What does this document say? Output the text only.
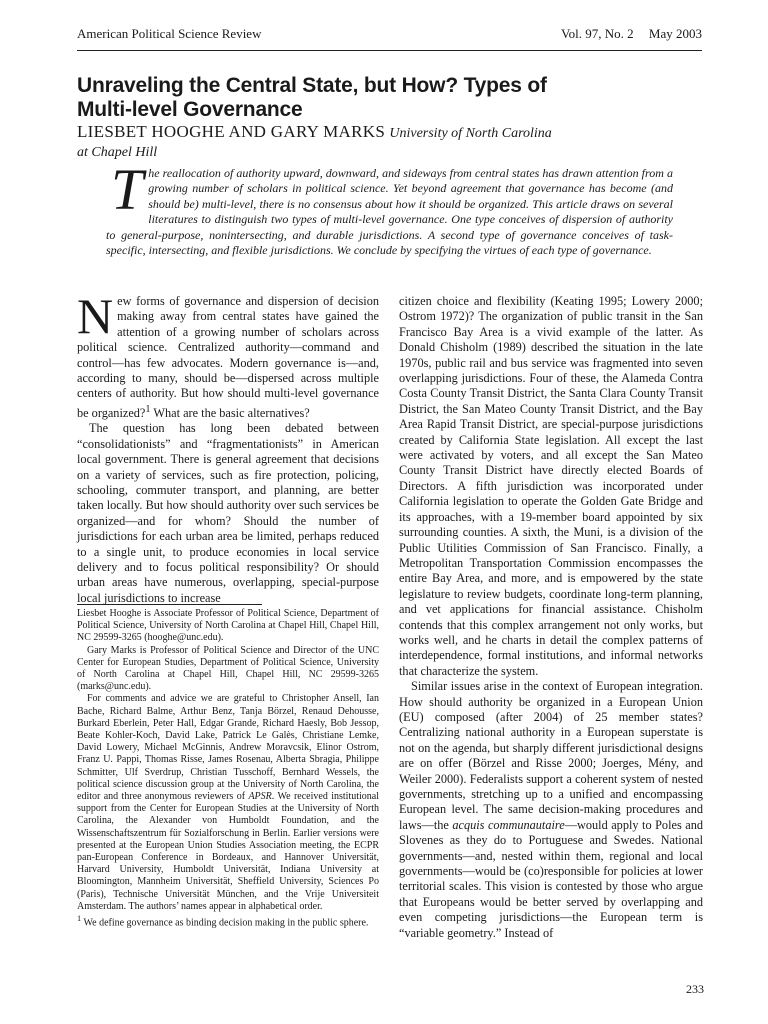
American Political Science Review	Vol. 97, No. 2 May 2003
Unraveling the Central State, but How? Types of
Multi-level Governance
LIESBET HOOGHE AND GARY MARKS University of North Carolina
at Chapel Hill

The reallocation of authority upward, downward, and sideways from central states has drawn attention from a growing number of scholars in political science. Yet beyond agreement that governance has become (and should be) multi-level, there is no consensus about how it should be organized. This article draws on several literatures to distinguish two types of multi-level governance. One type conceives of dispersion of authority to general-purpose, nonintersecting, and durable jurisdictions. A second type of governance conceives of task-specific, intersecting, and flexible jurisdictions. We conclude by specifying the virtues of each type of governance.

New forms of governance and dispersion of decision making away from central states have gained the attention of a growing number of scholars across political science. Centralized authority—command and control—has few advocates. Modern governance is—and, according to many, should be—dispersed across multiple centers of authority. But how should multi-level governance be organized?$^1$ What are the basic alternatives?

The question has long been debated between “consolidationists” and “fragmentationists” in American local government. There is general agreement that decisions on a variety of services, such as fire protection, policing, schooling, commuter transport, and planning, are better taken locally. But how should authority over such services be organized—and for whom? Should the number of jurisdictions for each urban area be limited, perhaps reduced to a single unit, to produce economies in local service delivery and to focus political responsibility? Or should urban areas have numerous, overlapping, special-purpose local jurisdictions to increase

Liesbet Hooghe is Associate Professor of Political Science, Department of Political Science, University of North Carolina at Chapel Hill, Chapel Hill, NC 29599-3265 (hooghe@unc.edu).

Gary Marks is Professor of Political Science and Director of the UNC Center for European Studies, Department of Political Science, University of North Carolina at Chapel Hill, Chapel Hill, NC 29599-3265 (marks@unc.edu).

For comments and advice we are grateful to Christopher Ansell, Ian Bache, Richard Balme, Arthur Benz, Tanja Börzel, Renaud Dehousse, Burkard Eberlein, Peter Hall, Edgar Grande, Richard Haesly, Bob Jessop, Beate Kohler-Koch, David Lake, Patrick Le Galès, Christiane Lemke, David Lowery, Michael McGinnis, Andrew Moravcsik, Elinor Ostrom, Franz U. Pappi, Thomas Risse, James Rosenau, Alberta Sbragia, Philippe Schmitter, Ulf Sverdrup, Christian Tusschoff, Bernhard Wessels, the political science discussion group at the University of North Carolina, the editor and three anonymous reviewers of APSR. We received institutional support from the Center for European Studies at the University of North Carolina, the Alexander von Humboldt Foundation, and the Wissenschaftszentrum für Sozialforschung in Berlin. Earlier versions were presented at the European Union Studies Association meeting, the ECPR pan-European Conference in Bordeaux, and Hannover Universität, Harvard University, Humboldt Universität, Indiana University at Bloomington, Mannheim Universität, Sheffield University, Sciences Po (Paris), Technische Universität München, and the Vrije Universiteit Amsterdam. The authors’ names appear in alphabetical order.

$^1$ We define governance as binding decision making in the public sphere.

citizen choice and flexibility (Keating 1995; Lowery 2000; Ostrom 1972)? The organization of public transit in the San Francisco Bay Area is a vivid example of the latter. As Donald Chisholm (1989) described the situation in the late 1970s, public rail and bus service was fragmented into seven overlapping jurisdictions. Four of these, the Alameda Contra Costa County Transit District, the Santa Clara County Transit District, the San Mateo County Transit District, and the Bay Area Rapid Transit District, are special-purpose jurisdictions created by California State legislation. All except the last were activated by voters, and all except the San Mateo County Transit District have directly elected Boards of Directors. A fifth jurisdiction was incorporated under California legislation to operate the Golden Gate Bridge and its approaches, with a 19-member board appointed by six surrounding counties. A sixth, the Muni, is a division of the Public Utilities Commission of San Francisco. Finally, a Metropolitan Transportation Commission encompasses the entire Bay Area, and more, and is empowered by the state legislature to review budgets, coordinate long-term planning, and vet applications for financial assistance. Chisholm contends that this complex arrangement not only works, but works well, and he charts in detail the complex patterns of interdependence, formal institutions, and informal networks that characterize the system.

Similar issues arise in the context of European integration. How should authority be organized in a European Union (EU) composed (after 2004) of 25 member states? Centralizing national authority in a European superstate is not on the agenda, but sharply different jurisdictional designs are on offer (Börzel and Risse 2000; Joerges, Mény, and Weiler 2000). Federalists support a coherent system of nested governments, stretching up to a unified and encompassing European level. The same decision-making procedures and laws—the acquis communautaire—would apply to Poles and Slovenes as they do to Portuguese and Swedes. National governments—and, nested within them, regional and local governments—would be (co)responsible for policies at lower territorial scales. This vision is contested by those who argue that Europeans would be better served by overlapping and even competing jurisdictions—the European term is “variable geometry.” Instead of

233
